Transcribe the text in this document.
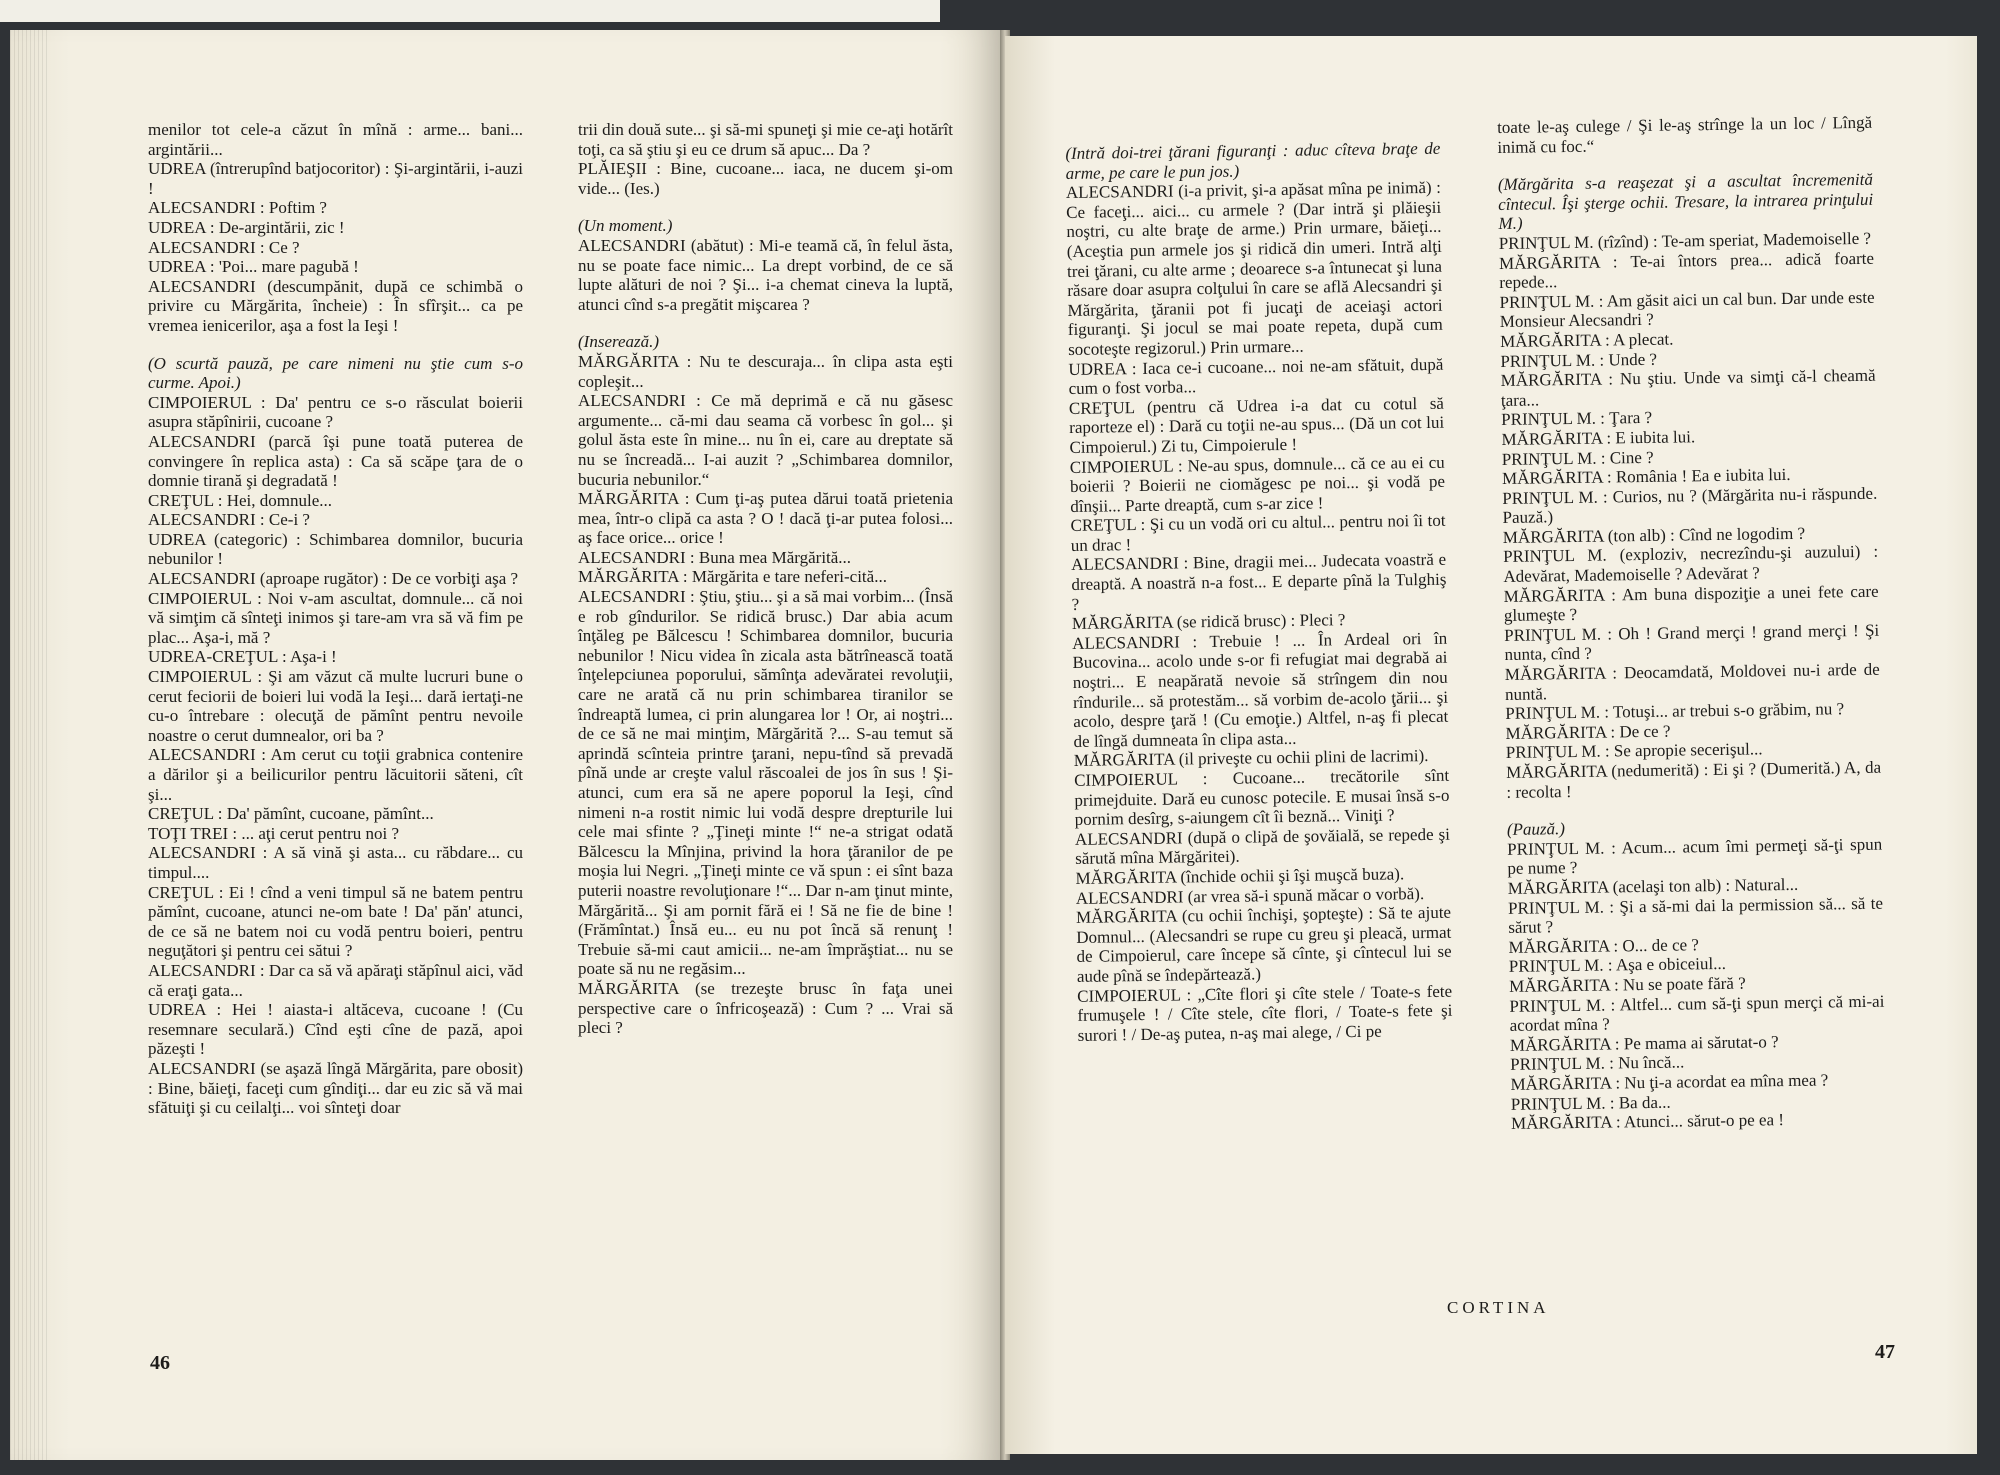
menilor tot cele-a căzut în mînă : arme... bani... argintării...

UDREA (întrerupînd batjocoritor) : Şi-argintării, i-auzi !

ALECSANDRI : Poftim ?

UDREA : De-argintării, zic !

ALECSANDRI : Ce ?

UDREA : 'Poi... mare pagubă !

ALECSANDRI (descumpănit, după ce schimbă o privire cu Mărgărita, încheie) : În sfîrşit... ca pe vremea ienicerilor, aşa a fost la Ieşi !

(O scurtă pauză, pe care nimeni nu ştie cum s-o curme. Apoi.)

CIMPOIERUL : Da' pentru ce s-o răsculat boierii asupra stăpînirii, cucoane ?

ALECSANDRI (parcă îşi pune toată puterea de convingere în replica asta) : Ca să scăpe ţara de o domnie tirană şi degradată !

CREŢUL : Hei, domnule...

ALECSANDRI : Ce-i ?

UDREA (categoric) : Schimbarea domnilor, bucuria nebunilor !

ALECSANDRI (aproape rugător) : De ce vorbiţi aşa ?

CIMPOIERUL : Noi v-am ascultat, domnule... că noi vă simţim că sînteţi inimos şi tare-am vra să vă fim pe plac... Aşa-i, mă ?

UDREA-CREŢUL : Aşa-i !

CIMPOIERUL : Şi am văzut că multe lucruri bune o cerut feciorii de boieri lui vodă la Ieşi... dară iertaţi-ne cu-o întrebare : olecuţă de pămînt pentru nevoile noastre o cerut dumnealor, ori ba ?

ALECSANDRI : Am cerut cu toţii grabnica contenire a dărilor şi a beilicurilor pentru lăcuitorii săteni, cît şi...

CREŢUL : Da' pămînt, cucoane, pămînt...

TOŢI TREI : ... aţi cerut pentru noi ?

ALECSANDRI : A să vină şi asta... cu răbdare... cu timpul....

CREŢUL : Ei ! cînd a veni timpul să ne batem pentru pămînt, cucoane, atunci ne-om bate ! Da' păn' atunci, de ce să ne batem noi cu vodă pentru boieri, pentru neguţători şi pentru cei sătui ?

ALECSANDRI : Dar ca să vă apăraţi stăpînul aici, văd că eraţi gata...

UDREA : Hei ! aiasta-i altăceva, cucoane ! (Cu resemnare seculară.) Cînd eşti cîne de pază, apoi păzeşti !

ALECSANDRI (se aşază lîngă Mărgărita, pare obosit) : Bine, băieţi, faceţi cum gîndiţi... dar eu zic să vă mai sfătuiţi şi cu ceilalţi... voi sînteţi doar

trii din două sute... şi să-mi spuneţi şi mie ce-aţi hotărît toţi, ca să ştiu şi eu ce drum să apuc... Da ?

PLĂIEŞII : Bine, cucoane... iaca, ne ducem şi-om vide... (Ies.)

(Un moment.)

ALECSANDRI (abătut) : Mi-e teamă că, în felul ăsta, nu se poate face nimic... La drept vorbind, de ce să lupte alături de noi ? Şi... i-a chemat cineva la luptă, atunci cînd s-a pregătit mişcarea ?

(Inserează.)

MĂRGĂRITA : Nu te descuraja... în clipa asta eşti copleşit...

ALECSANDRI : Ce mă deprimă e că nu găsesc argumente... că-mi dau seama că vorbesc în gol... şi golul ăsta este în mine... nu în ei, care au dreptate să nu se încreadă... I-ai auzit ? „Schimbarea domnilor, bucuria nebunilor.“

MĂRGĂRITA : Cum ţi-aş putea dărui toată prietenia mea, într-o clipă ca asta ? O ! dacă ţi-ar putea folosi... aş face orice... orice !

ALECSANDRI : Buna mea Mărgărită...

MĂRGĂRITA : Mărgărita e tare neferi-cită...

ALECSANDRI : Ştiu, ştiu... şi a să mai vorbim... (Însă e rob gîndurilor. Se ridică brusc.) Dar abia acum înţăleg pe Bălcescu ! Schimbarea domnilor, bucuria nebunilor ! Nicu videa în zicala asta bătrînească toată înţelepciunea poporului, sămînţa adevăratei revoluţii, care ne arată că nu prin schimbarea tiranilor se îndreaptă lumea, ci prin alungarea lor ! Or, ai noştri... de ce să ne mai minţim, Mărgărită ?... S-au temut să aprindă scînteia printre ţarani, nepu-tînd să prevadă pînă unde ar creşte valul răscoalei de jos în sus ! Şi-atunci, cum era să ne apere poporul la Ieşi, cînd nimeni n-a rostit nimic lui vodă despre drepturile lui cele mai sfinte ? „Ţineţi minte !“ ne-a strigat odată Bălcescu la Mînjina, privind la hora ţăranilor de pe moşia lui Negri. „Ţineţi minte ce vă spun : ei sînt baza puterii noastre revoluţionare !“... Dar n-am ţinut minte, Mărgărită... Şi am pornit fără ei ! Să ne fie de bine ! (Frămîntat.) Însă eu... eu nu pot încă să renunţ ! Trebuie să-mi caut amicii... ne-am împrăştiat... nu se poate să nu ne regăsim...

MĂRGĂRITA (se trezeşte brusc în faţa unei perspective care o înfricoşează) : Cum ? ... Vrai să pleci ?

46

(Intră doi-trei ţărani figuranţi : aduc cîteva braţe de arme, pe care le pun jos.)

ALECSANDRI (i-a privit, şi-a apăsat mîna pe inimă) : Ce faceţi... aici... cu armele ? (Dar intră şi plăieşii noştri, cu alte braţe de arme.) Prin urmare, băieţi... (Aceştia pun armele jos şi ridică din umeri. Intră alţi trei ţărani, cu alte arme ; deoarece s-a întunecat şi luna răsare doar asupra colţului în care se află Alecsandri şi Mărgărita, ţăranii pot fi jucaţi de aceiaşi actori figuranţi. Şi jocul se mai poate repeta, după cum socoteşte regizorul.) Prin urmare...

UDREA : Iaca ce-i cucoane... noi ne-am sfătuit, după cum o fost vorba...

CREŢUL (pentru că Udrea i-a dat cu cotul să raporteze el) : Dară cu toţii ne-au spus... (Dă un cot lui Cimpoierul.) Zi tu, Cimpoierule !

CIMPOIERUL : Ne-au spus, domnule... că ce au ei cu boierii ? Boierii ne ciomăgesc pe noi... şi vodă pe dînşii... Parte dreaptă, cum s-ar zice !

CREŢUL : Şi cu un vodă ori cu altul... pentru noi îi tot un drac !

ALECSANDRI : Bine, dragii mei... Judecata voastră e dreaptă. A noastră n-a fost... E departe pînă la Tulghiş ?

MĂRGĂRITA (se ridică brusc) : Pleci ?

ALECSANDRI : Trebuie ! ... În Ardeal ori în Bucovina... acolo unde s-or fi refugiat mai degrabă ai noştri... E neapărată nevoie să strîngem din nou rîndurile... să protestăm... să vorbim de-acolo ţării... şi acolo, despre ţară ! (Cu emoţie.) Altfel, n-aş fi plecat de lîngă dumneata în clipa asta...

MĂRGĂRITA (il priveşte cu ochii plini de lacrimi).

CIMPOIERUL : Cucoane... trecătorile sînt primejduite. Dară eu cunosc potecile. E musai însă s-o pornim desîrg, s-aiungem cît îi beznă... Viniţi ?

ALECSANDRI (după o clipă de şovăială, se repede şi sărută mîna Mărgăritei).

MĂRGĂRITA (închide ochii şi îşi muşcă buza).

ALECSANDRI (ar vrea să-i spună măcar o vorbă).

MĂRGĂRITA (cu ochii închişi, şopteşte) : Să te ajute Domnul... (Alecsandri se rupe cu greu şi pleacă, urmat de Cimpoierul, care începe să cînte, şi cîntecul lui se aude pînă se îndepărtează.)

CIMPOIERUL : „Cîte flori şi cîte stele / Toate-s fete frumuşele ! / Cîte stele, cîte flori, / Toate-s fete şi surori ! / De-aş putea, n-aş mai alege, / Ci pe

toate le-aş culege / Şi le-aş strînge la un loc / Lîngă inimă cu foc.“

(Mărgărita s-a reaşezat şi a ascultat încremenită cîntecul. Îşi şterge ochii. Tresare, la intrarea prinţului M.)

PRINŢUL M. (rîzînd) : Te-am speriat, Mademoiselle ?

MĂRGĂRITA : Te-ai întors prea... adică foarte repede...

PRINŢUL M. : Am găsit aici un cal bun. Dar unde este Monsieur Alecsandri ?

MĂRGĂRITA : A plecat.

PRINŢUL M. : Unde ?

MĂRGĂRITA : Nu ştiu. Unde va simţi că-l cheamă ţara...

PRINŢUL M. : Ţara ?

MĂRGĂRITA : E iubita lui.

PRINŢUL M. : Cine ?

MĂRGĂRITA : România ! Ea e iubita lui.

PRINŢUL M. : Curios, nu ? (Mărgărita nu-i răspunde. Pauză.)

MĂRGĂRITA (ton alb) : Cînd ne logodim ?

PRINŢUL M. (exploziv, necrezîndu-şi auzului) : Adevărat, Mademoiselle ? Adevărat ?

MĂRGĂRITA : Am buna dispoziţie a unei fete care glumeşte ?

PRINŢUL M. : Oh ! Grand merçi ! grand merçi ! Şi nunta, cînd ?

MĂRGĂRITA : Deocamdată, Moldovei nu-i arde de nuntă.

PRINŢUL M. : Totuşi... ar trebui s-o grăbim, nu ?

MĂRGĂRITA : De ce ?

PRINŢUL M. : Se apropie secerişul...

MĂRGĂRITA (nedumerită) : Ei şi ? (Dumerită.) A, da : recolta !

(Pauză.)

PRINŢUL M. : Acum... acum îmi permeţi să-ţi spun pe nume ?

MĂRGĂRITA (acelaşi ton alb) : Natural...

PRINŢUL M. : Şi a să-mi dai la permission să... să te sărut ?

MĂRGĂRITA : O... de ce ?

PRINŢUL M. : Aşa e obiceiul...

MĂRGĂRITA : Nu se poate fără ?

PRINŢUL M. : Altfel... cum să-ţi spun merçi că mi-ai acordat mîna ?

MĂRGĂRITA : Pe mama ai sărutat-o ?

PRINŢUL M. : Nu încă...

MĂRGĂRITA : Nu ţi-a acordat ea mîna mea ?

PRINŢUL M. : Ba da...

MĂRGĂRITA : Atunci... sărut-o pe ea !

CORTINA
47
